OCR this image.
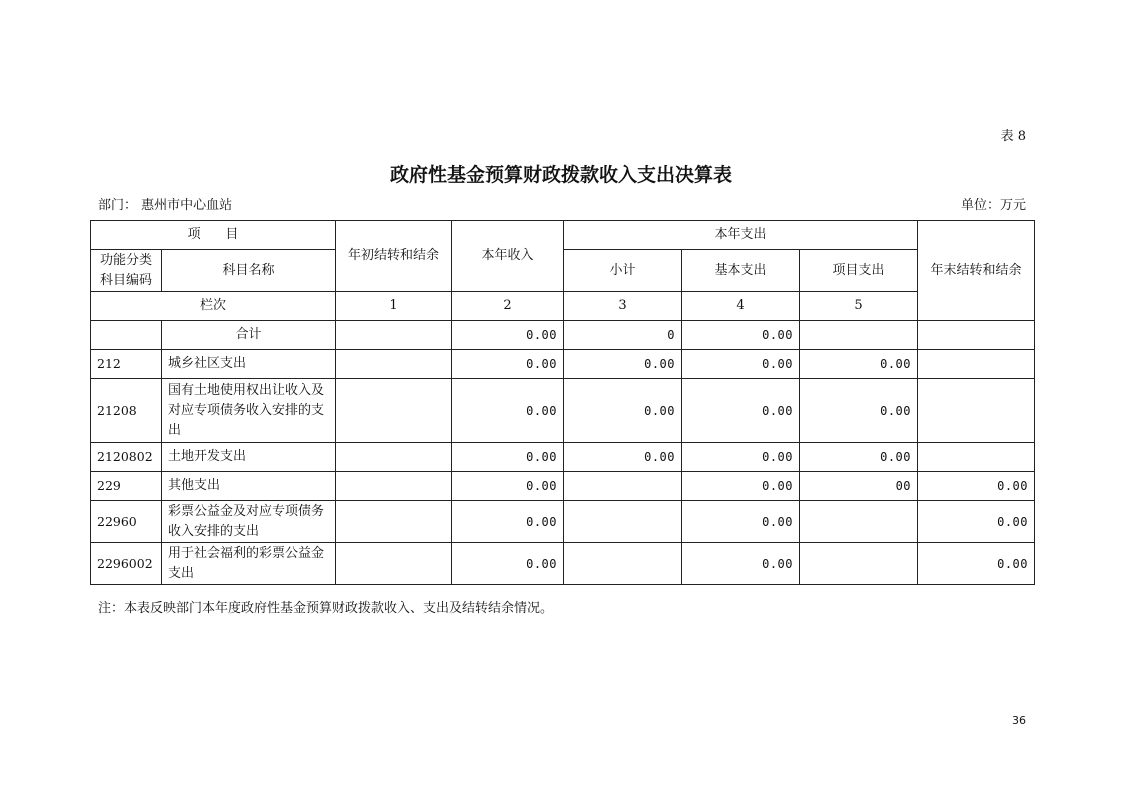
表 8
政府性基金预算财政拨款收入支出决算表
部门： 惠州市中心血站	单位：万元
项      目		年初结转和结余	本年收入	本年支出			年末结转和结余	
功能分类
科目编码	科目名称			小计	基本支出	项目支出		
栏次		1	2	3	4	5	
	合计		0.00	0	0.00			
212	城乡社区支出		0.00	0.00	0.00	0.00		
21208	国有土地使用权出让收入及对应专项债务收入安排的支出		0.00	0.00	0.00	0.00		
2120802	土地开发支出		0.00	0.00	0.00	0.00		
229	其他支出		0.00		0.00	00	0.00	
22960	彩票公益金及对应专项债务收入安排的支出		0.00		0.00		0.00	
2296002	用于社会福利的彩票公益金支出		0.00		0.00		0.00	
注：本表反映部门本年度政府性基金预算财政拨款收入、支出及结转结余情况。
36
